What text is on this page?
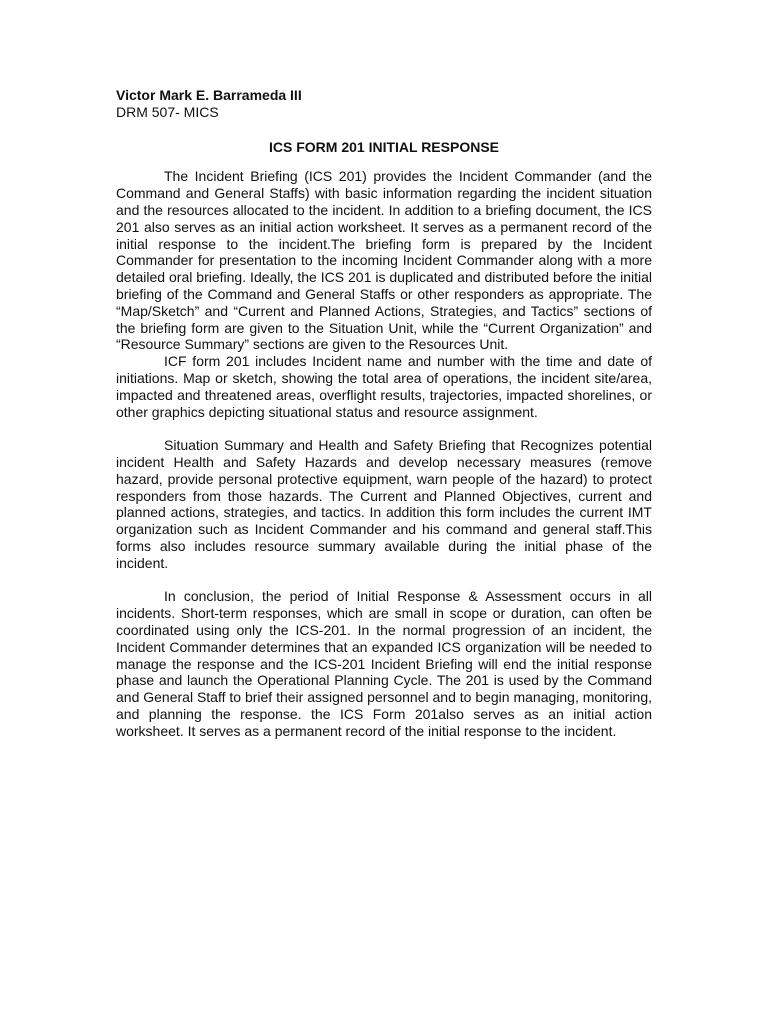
Victor Mark E. Barrameda III

DRM 507- MICS

ICS FORM 201 INITIAL RESPONSE

The Incident Briefing (ICS 201) provides the Incident Commander (and the Command and General Staffs) with basic information regarding the incident situation and the resources allocated to the incident. In addition to a briefing document, the ICS 201 also serves as an initial action worksheet. It serves as a permanent record of the initial response to the incident.The briefing form is prepared by the Incident Commander for presentation to the incoming Incident Commander along with a more detailed oral briefing. Ideally, the ICS 201 is duplicated and distributed before the initial briefing of the Command and General Staffs or other responders as appropriate. The “Map/Sketch” and “Current and Planned Actions, Strategies, and Tactics” sections of the briefing form are given to the Situation Unit, while the “Current Organization” and “Resource Summary” sections are given to the Resources Unit.

ICF form 201 includes Incident name and number with the time and date of initiations. Map or sketch, showing the total area of operations, the incident site/area, impacted and threatened areas, overflight results, trajectories, impacted shorelines, or other graphics depicting situational status and resource assignment.

Situation Summary and Health and Safety Briefing that Recognizes potential incident Health and Safety Hazards and develop necessary measures (remove hazard, provide personal protective equipment, warn people of the hazard) to protect responders from those hazards. The Current and Planned Objectives, current and planned actions, strategies, and tactics. In addition this form includes the current IMT organization such as Incident Commander and his command and general staff.This forms also includes resource summary available during the initial phase of the incident.

In conclusion, the period of Initial Response & Assessment occurs in all incidents. Short-term responses, which are small in scope or duration, can often be coordinated using only the ICS-201. In the normal progression of an incident, the Incident Commander determines that an expanded ICS organization will be needed to manage the response and the ICS-201 Incident Briefing will end the initial response phase and launch the Operational Planning Cycle. The 201 is used by the Command and General Staff to brief their assigned personnel and to begin managing, monitoring, and planning the response. the ICS Form 201also serves as an initial action worksheet. It serves as a permanent record of the initial response to the incident.
